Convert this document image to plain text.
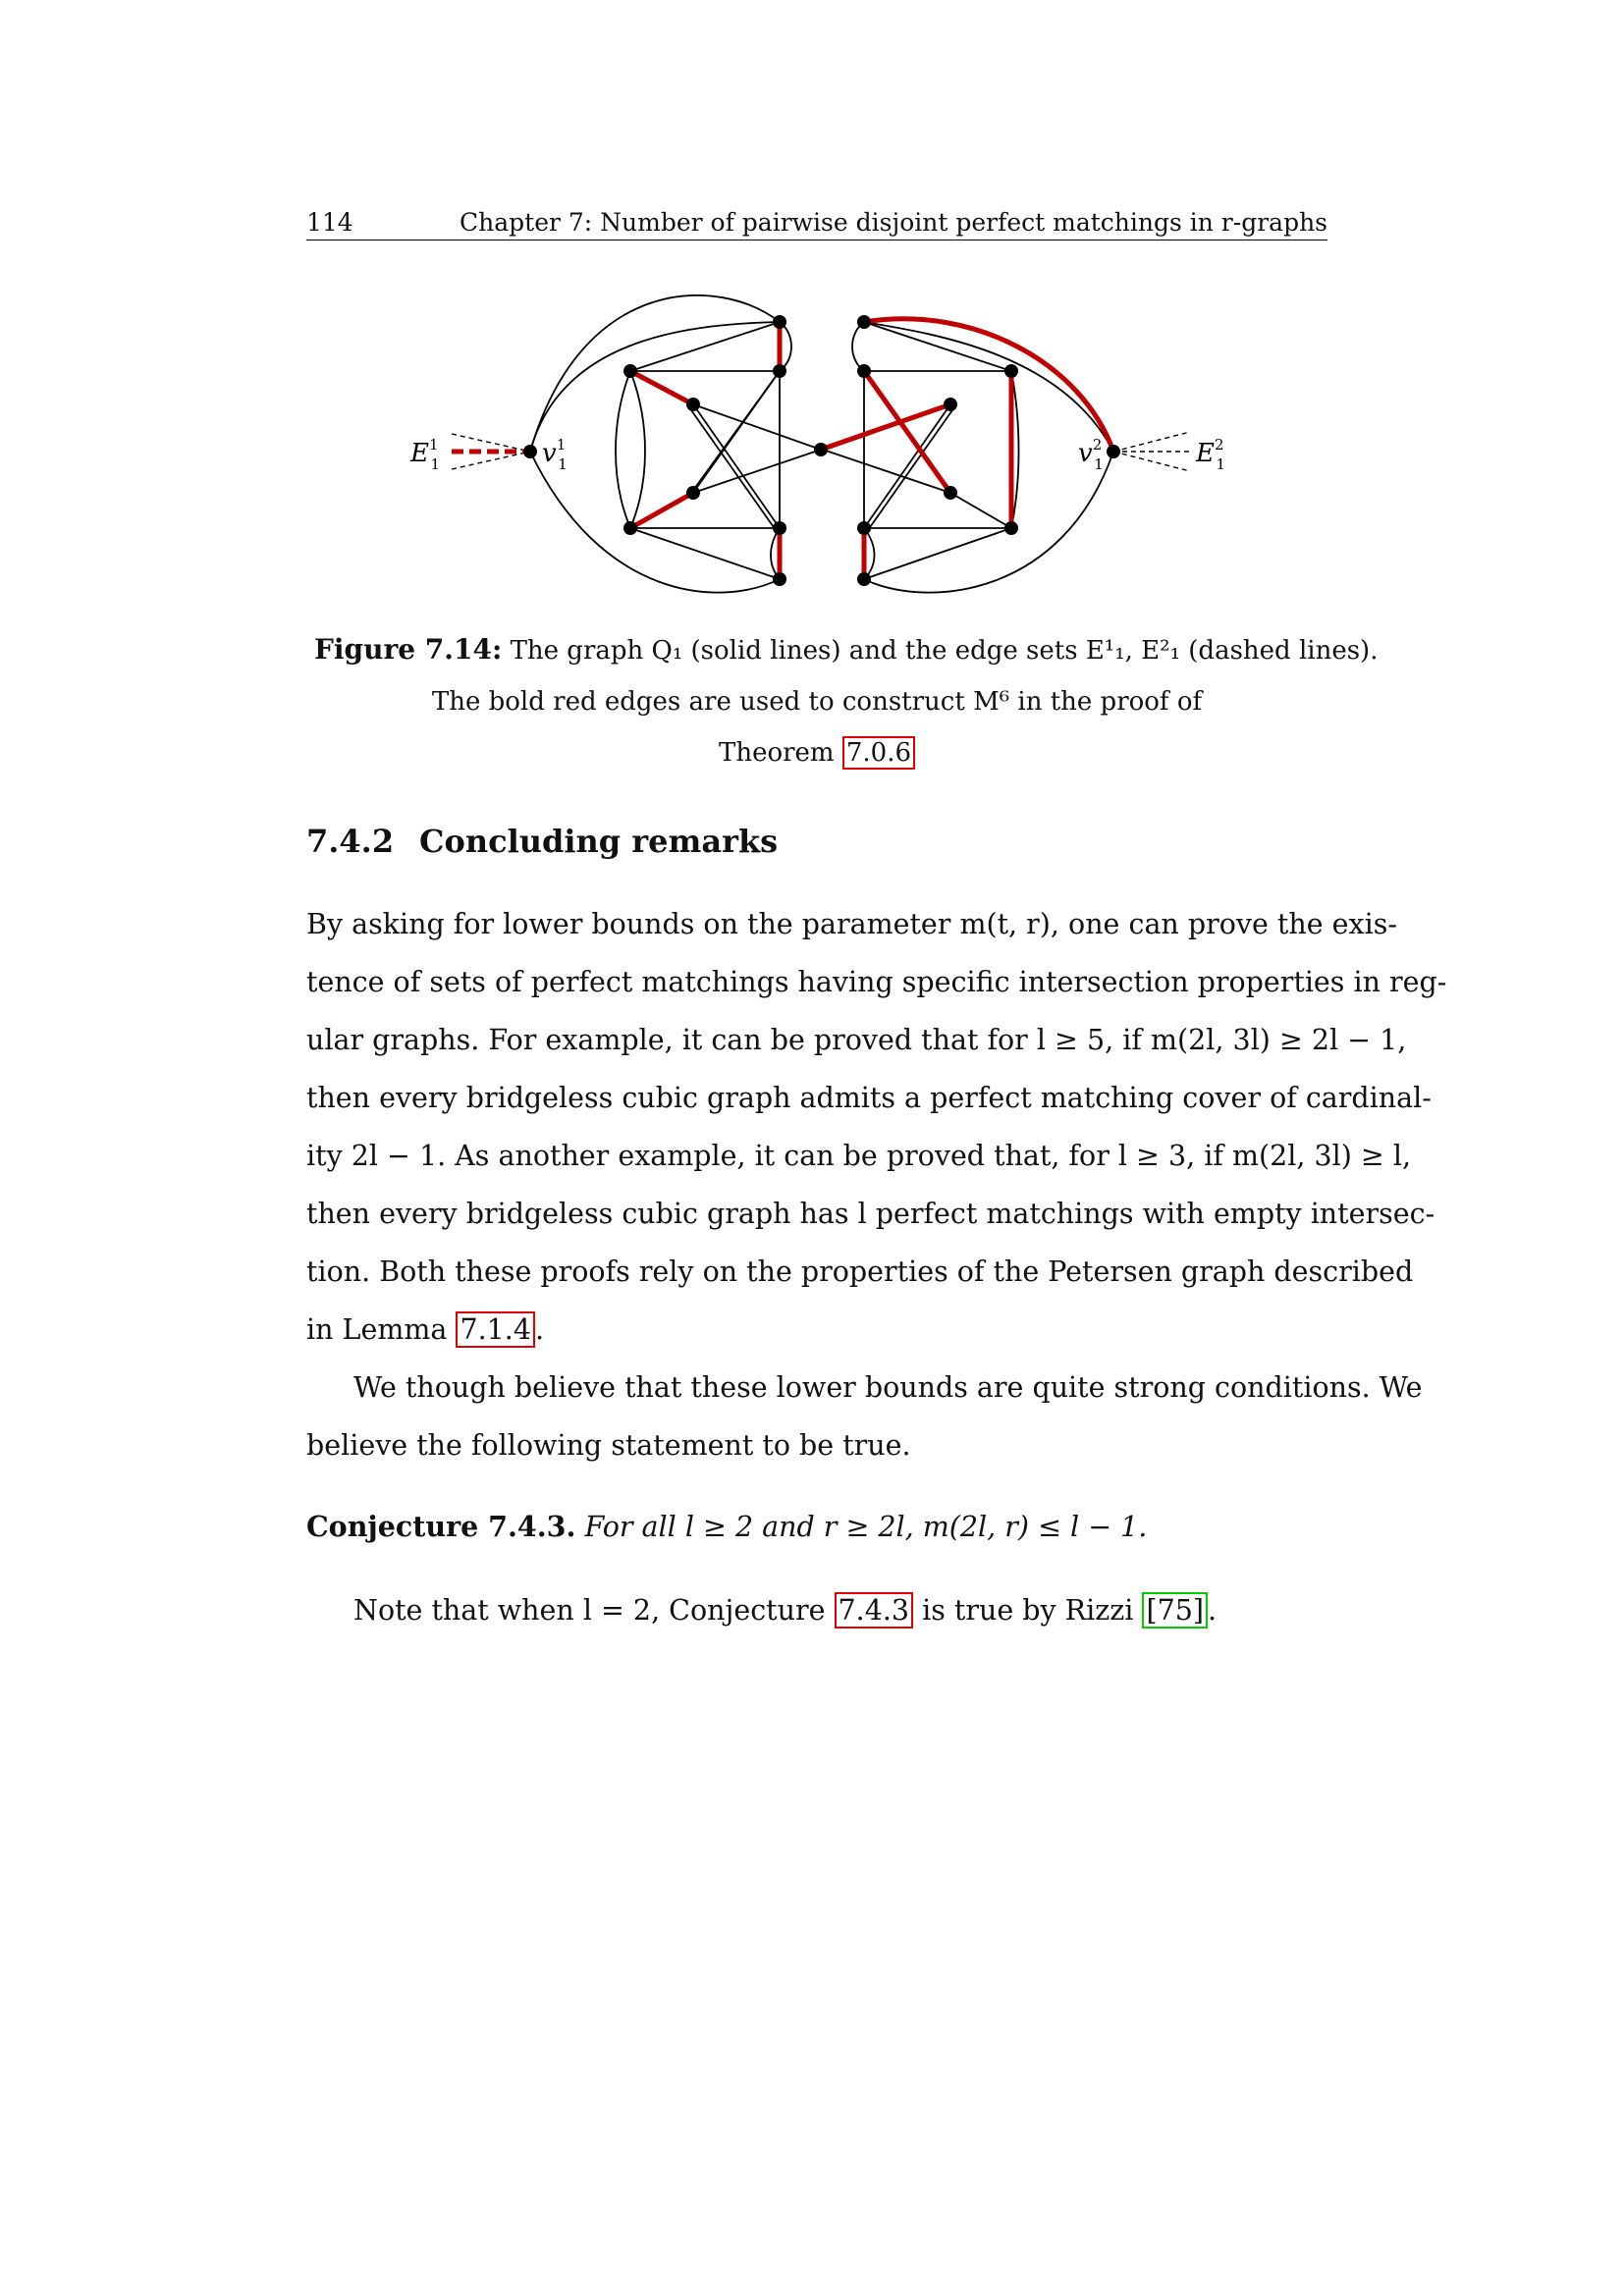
114	Chapter 7: Number of pairwise disjoint perfect matchings in r-graphs
$E^1$ 1	$v^1$ 1	$v^2$ 1	$E^2$ 1
Figure 7.14: The graph Q₁ (solid lines) and the edge sets E¹₁, E²₁ (dashed lines).
The bold red edges are used to construct M⁶ in the proof of
Theorem 7.0.6
7.4.2 Concluding remarks
By asking for lower bounds on the parameter m(t, r), one can prove the exis-
tence of sets of perfect matchings having specific intersection properties in reg-
ular graphs. For example, it can be proved that for l ≥ 5, if m(2l, 3l) ≥ 2l − 1,
then every bridgeless cubic graph admits a perfect matching cover of cardinal-
ity 2l − 1. As another example, it can be proved that, for l ≥ 3, if m(2l, 3l) ≥ l,
then every bridgeless cubic graph has l perfect matchings with empty intersec-
tion. Both these proofs rely on the properties of the Petersen graph described
in Lemma 7.1.4 .
We though believe that these lower bounds are quite strong conditions. We
believe the following statement to be true.
Conjecture 7.4.3. For all l ≥ 2 and r ≥ 2l, m(2l, r) ≤ l − 1.
Note that when l = 2, Conjecture 7.4.3 is true by Rizzi [75] .
